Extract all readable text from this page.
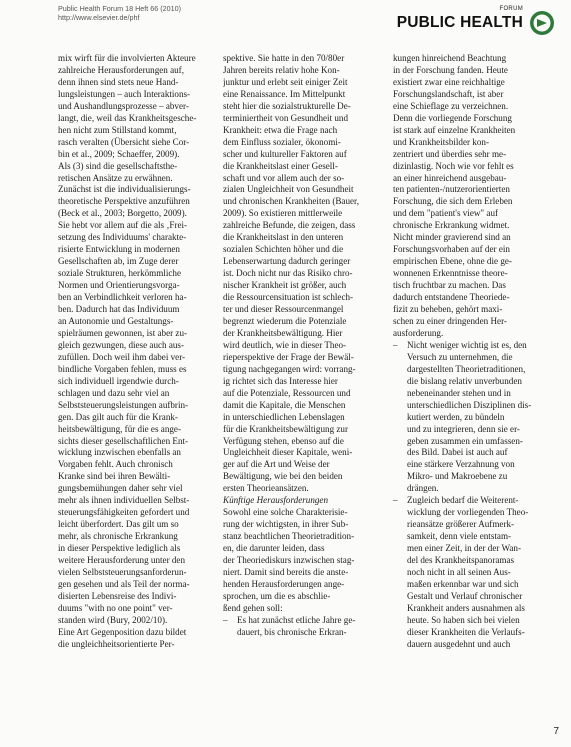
Public Health Forum 18 Heft 66 (2010)
http://www.elsevier.de/phf
FORUM
PUBLIC HEALTH
mix wirft für die involvierten Akteure
zahlreiche Herausforderungen auf,
denn ihnen sind stets neue Hand-
lungsleistungen – auch Interaktions-
und Aushandlungsprozesse – abver-
langt, die, weil das Krankheitsgesche-
hen nicht zum Stillstand kommt,
rasch veralten (Übersicht siehe Cor-
bin et al., 2009; Schaeffer, 2009).
Als (3) sind die gesellschaftsthe-
retischen Ansätze zu erwähnen.
Zunächst ist die individualisierungs-
theoretische Perspektive anzuführen
(Beck et al., 2003; Borgetto, 2009).
Sie hebt vor allem auf die als ‚Frei-
setzung des Individuums' charakte-
risierte Entwicklung in modernen
Gesellschaften ab, im Zuge derer
soziale Strukturen, herkömmliche
Normen und Orientierungsvorga-
ben an Verbindlichkeit verloren ha-
ben. Dadurch hat das Individuum
an Autonomie und Gestaltungs-
spielräumen gewonnen, ist aber zu-
gleich gezwungen, diese auch aus-
zufüllen. Doch weil ihm dabei ver-
bindliche Vorgaben fehlen, muss es
sich individuell irgendwie durch-
schlagen und dazu sehr viel an
Selbststeuerungsleistungen aufbrin-
gen. Das gilt auch für die Krank-
heitsbewältigung, für die es ange-
sichts dieser gesellschaftlichen Ent-
wicklung inzwischen ebenfalls an
Vorgaben fehlt. Auch chronisch
Kranke sind bei ihren Bewälti-
gungsbemühungen daher sehr viel
mehr als ihnen individuellen Selbst-
steuerungsfähigkeiten gefordert und
leicht überfordert. Das gilt um so
mehr, als chronische Erkrankung
in dieser Perspektive lediglich als
weitere Herausforderung unter den
vielen Selbststeuerungsanforderun-
gen gesehen und als Teil der norma-
disierten Lebensreise des Indivi-
duums "with no one point" ver-
standen wird (Bury, 2002/10).
Eine Art Gegenposition dazu bildet
die ungleichheitsorientierte Per-
spektive. Sie hatte in den 70/80er
Jahren bereits relativ hohe Kon-
junktur und erlebt seit einiger Zeit
eine Renaissance. Im Mittelpunkt
steht hier die sozialstrukturelle De-
terminiertheit von Gesundheit und
Krankheit: etwa die Frage nach
dem Einfluss sozialer, ökonomi-
scher und kultureller Faktoren auf
die Krankheitslast einer Gesell-
schaft und vor allem auch der so-
zialen Ungleichheit von Gesundheit
und chronischen Krankheiten (Bauer,
2009). So existieren mittlerweile
zahlreiche Befunde, die zeigen, dass
die Krankheitslast in den unteren
sozialen Schichten höher und die
Lebenserwartung dadurch geringer
ist. Doch nicht nur das Risiko chro-
nischer Krankheit ist größer, auch
die Ressourcensituation ist schlech-
ter und dieser Ressourcenmangel
begrenzt wiederum die Potenziale
der Krankheitsbewältigung. Hier
wird deutlich, wie in dieser Theo-
rieperspektive der Frage der Bewäl-
tigung nachgegangen wird: vorrang-
ig richtet sich das Interesse hier
auf die Potenziale, Ressourcen und
damit die Kapitale, die Menschen
in unterschiedlichen Lebenslagen
für die Krankheitsbewältigung zur
Verfügung stehen, ebenso auf die
Ungleichheit dieser Kapitale, weni-
ger auf die Art und Weise der
Bewältigung, wie bei den beiden
ersten Theorieansätzen.
Künftige Herausforderungen
Sowohl eine solche Charakterisie-
rung der wichtigsten, in ihrer Sub-
stanz beachtlichen Theorietradition-
en, die darunter leiden, dass
der Theoriediskurs inzwischen stag-
niert. Damit sind bereits die anste-
henden Herausforderungen ange-
sprochen, um die es abschlie-
ßend gehen soll:
– Es hat zunächst etliche Jahre ge-
dauert, bis chronische Erkran-
kungen hinreichend Beachtung
in der Forschung fanden. Heute
existiert zwar eine reichhaltige
Forschungslandschaft, ist aber
eine Schieflage zu verzeichnen.
Denn die vorliegende Forschung
ist stark auf einzelne Krankheiten
und Krankheitsbilder kon-
zentriert und überdies sehr me-
dizinlastig. Noch wie vor fehlt es
an einer hinreichend ausgebau-
ten patienten-/nutzerorientierten
Forschung, die sich dem Erleben
und dem "patient's view" auf
chronische Erkrankung widmet.
Nicht minder gravierend sind an
Forschungsvorhaben auf der ein
empirischen Ebene, ohne die ge-
wonnenen Erkenntnisse theore-
tisch fruchtbar zu machen. Das
dadurch entstandene Theoriede-
fizit zu beheben, gehört maxi-
schen zu einer dringenden Her-
ausforderung.
– Nicht weniger wichtig ist es, den
Versuch zu unternehmen, die
dargestellten Theorietraditionen,
die bislang relativ unverbunden
nebeneinander stehen und in
unterschiedlichen Disziplinen dis-
kutiert werden, zu bündeln
und zu integrieren, denn sie er-
geben zusammen ein umfassen-
des Bild. Dabei ist auch auf
eine stärkere Verzahnung von
Mikro- und Makroebene zu
drängen.
– Zugleich bedarf die Weiterent-
wicklung der vorliegenden Theo-
rieansätze größerer Aufmerk-
samkeit, denn viele entstam-
men einer Zeit, in der der Wan-
del des Krankheitspanoramas
noch nicht in all seinen Aus-
maßen erkennbar war und sich
Gestalt und Verlauf chronischer
Krankheit anders ausnahmen als
heute. So haben sich bei vielen
dieser Krankheiten die Verlaufs-
dauern ausgedehnt und auch
7
